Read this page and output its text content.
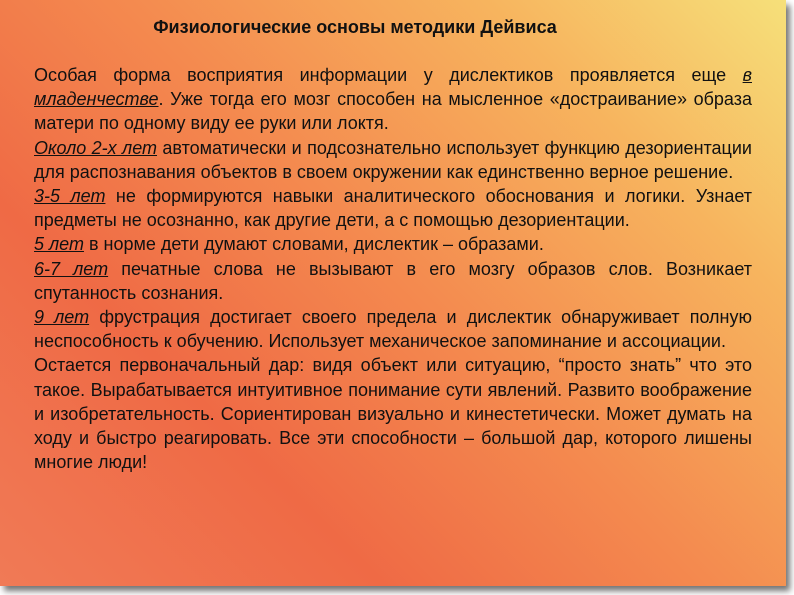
Физиологические основы методики Дейвиса

Особая форма восприятия информации у дислектиков проявляется еще в младенчестве. Уже тогда его мозг способен на мысленное «достраивание» образа матери по одному виду ее руки или локтя.

Около 2-х лет автоматически и подсознательно использует функцию дезориентации для распознавания объектов в своем окружении как единственно верное решение.

3-5 лет не формируются навыки аналитического обоснования и логики. Узнает предметы не осознанно, как другие дети, а с помощью дезориентации.

5 лет в норме дети думают словами, дислектик – образами.

6-7 лет печатные слова не вызывают в его мозгу образов слов. Возникает спутанность сознания.

9 лет фрустрация достигает своего предела и дислектик обнаруживает полную неспособность к обучению. Использует механическое запоминание и ассоциации.

Остается первоначальный дар: видя объект или ситуацию, “просто знать” что это такое. Вырабатывается интуитивное понимание сути явлений. Развито воображение и изобретательность. Сориентирован визуально и кинестетически. Может думать на ходу и быстро реагировать. Все эти способности – большой дар, которого лишены многие люди!
